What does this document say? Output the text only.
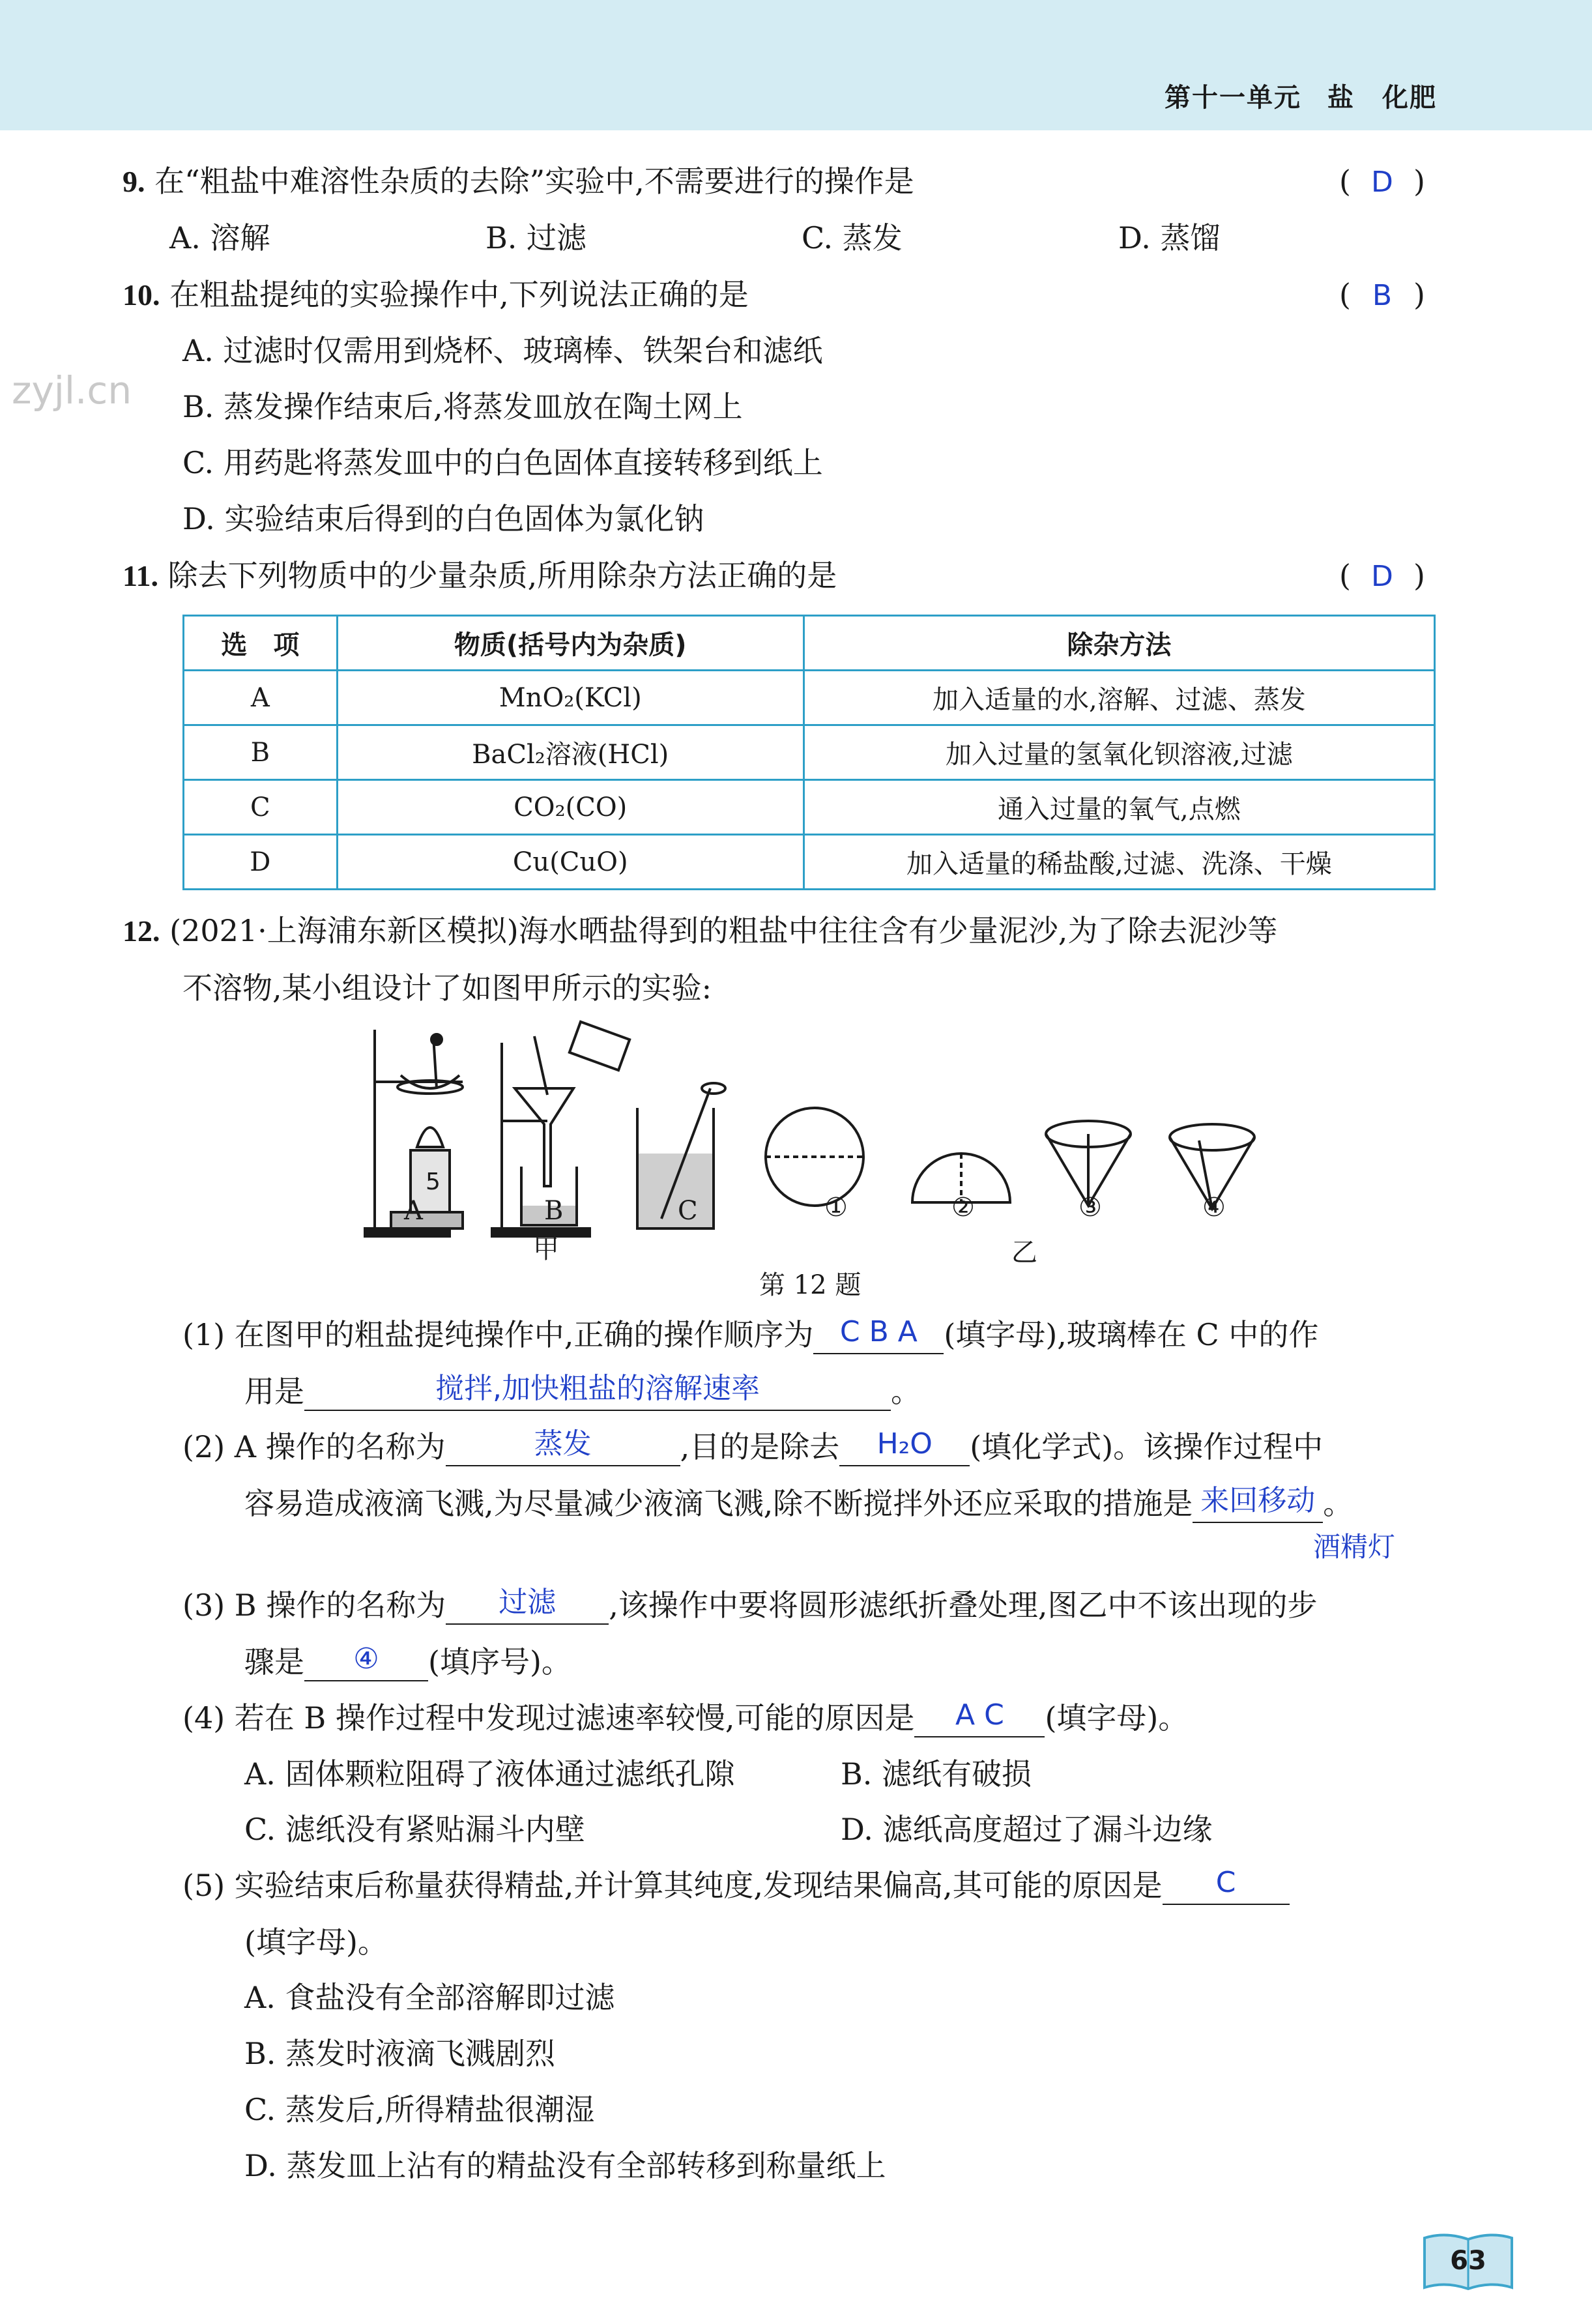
第十一单元 盐　化肥
zyjl.cn
9. 在“粗盐中难溶性杂质的去除”实验中,不需要进行的操作是	( D )
A. 溶解	B. 过滤	C. 蒸发	D. 蒸馏
10. 在粗盐提纯的实验操作中,下列说法正确的是	( B )
A. 过滤时仅需用到烧杯、玻璃棒、铁架台和滤纸
B. 蒸发操作结束后,将蒸发皿放在陶土网上
C. 用药匙将蒸发皿中的白色固体直接转移到纸上
D. 实验结束后得到的白色固体为氯化钠
11. 除去下列物质中的少量杂质,所用除杂方法正确的是	( D )
选　项	物质(括号内为杂质)	除杂方法
A	MnO₂(KCl)	加入适量的水,溶解、过滤、蒸发
B	BaCl₂溶液(HCl)	加入过量的氢氧化钡溶液,过滤
C	CO₂(CO)	通入过量的氧气,点燃
D	Cu(CuO)	加入适量的稀盐酸,过滤、洗涤、干燥
12. (2021·上海浦东新区模拟)海水晒盐得到的粗盐中往往含有少量泥沙,为了除去泥沙等
不溶物,某小组设计了如图甲所示的实验:
5
A	B	C
甲
①	②	③	④
乙
第 12 题
(1) 在图甲的粗盐提纯操作中,正确的操作顺序为 C B A (填字母),玻璃棒在 C 中的作
用是	搅拌,加快粗盐的溶解速率	。
(2) A 操作的名称为	蒸发	,目的是除去 H₂O (填化学式)。该操作过程中
容易造成液滴飞溅,为尽量减少液滴飞溅,除不断搅拌外还应采取的措施是 来回移动 。
酒精灯
(3) B 操作的名称为 过滤 ,该操作中要将圆形滤纸折叠处理,图乙中不该出现的步
骤是 ④ (填序号)。
(4) 若在 B 操作过程中发现过滤速率较慢,可能的原因是 A C (填字母)。
A. 固体颗粒阻碍了液体通过滤纸孔隙	B. 滤纸有破损
C. 滤纸没有紧贴漏斗内壁	D. 滤纸高度超过了漏斗边缘
(5) 实验结束后称量获得精盐,并计算其纯度,发现结果偏高,其可能的原因是 C
(填字母)。
A. 食盐没有全部溶解即过滤
B. 蒸发时液滴飞溅剧烈
C. 蒸发后,所得精盐很潮湿
D. 蒸发皿上沾有的精盐没有全部转移到称量纸上
63
